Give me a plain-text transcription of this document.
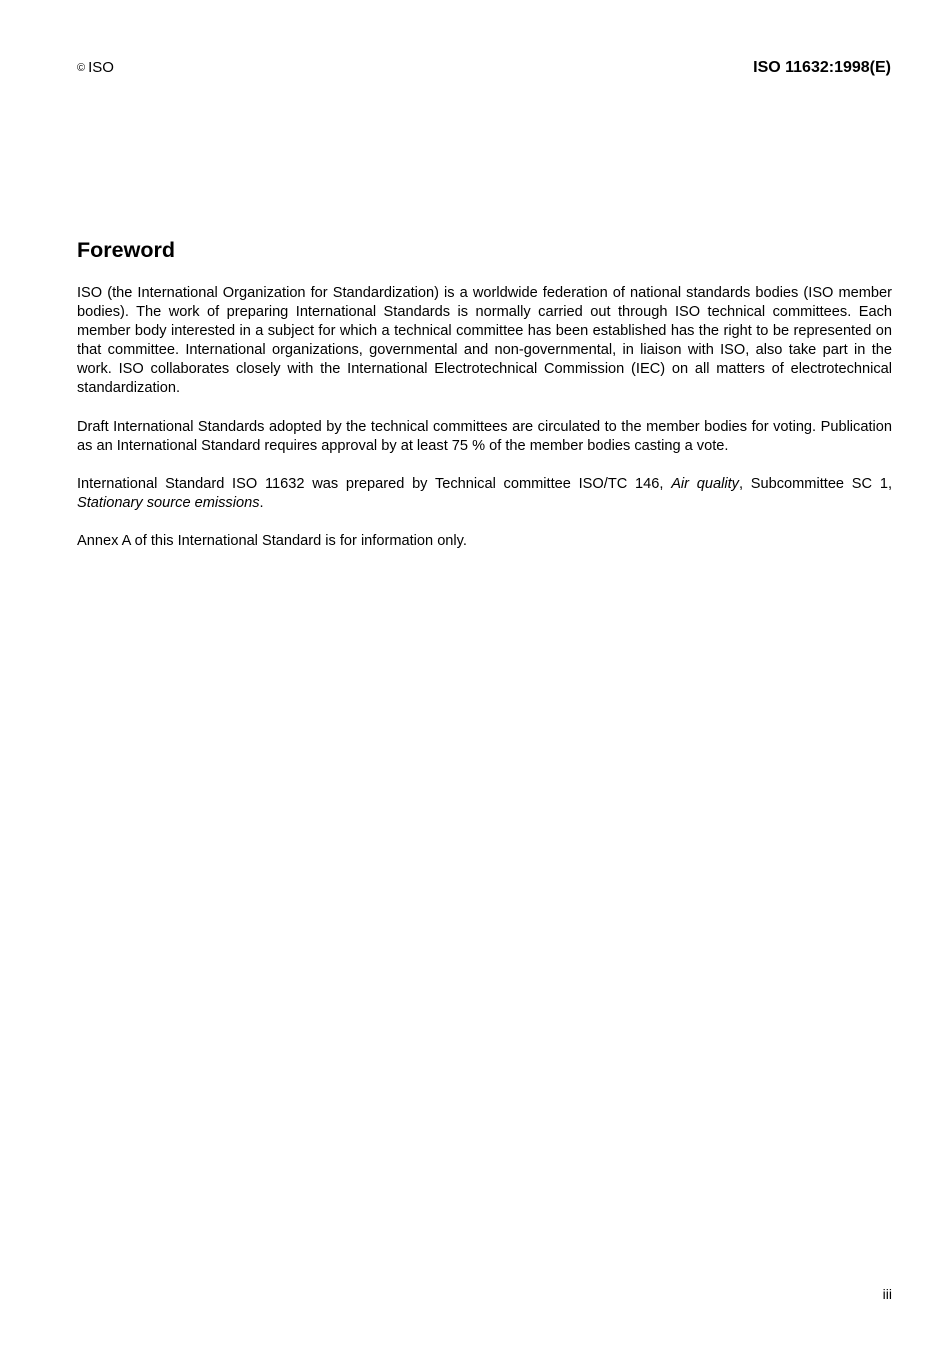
© ISO	ISO 11632:1998(E)
Foreword

ISO (the International Organization for Standardization) is a worldwide federation of national standards bodies (ISO member bodies). The work of preparing International Standards is normally carried out through ISO technical committees. Each member body interested in a subject for which a technical committee has been established has the right to be represented on that committee. International organizations, governmental and non-governmental, in liaison with ISO, also take part in the work. ISO collaborates closely with the International Electrotechnical Commission (IEC) on all matters of electrotechnical standardization.

Draft International Standards adopted by the technical committees are circulated to the member bodies for voting. Publication as an International Standard requires approval by at least 75 % of the member bodies casting a vote.

International Standard ISO 11632 was prepared by Technical committee ISO/TC 146, Air quality, Subcommittee SC 1, Stationary source emissions.

Annex A of this International Standard is for information only.

iii
